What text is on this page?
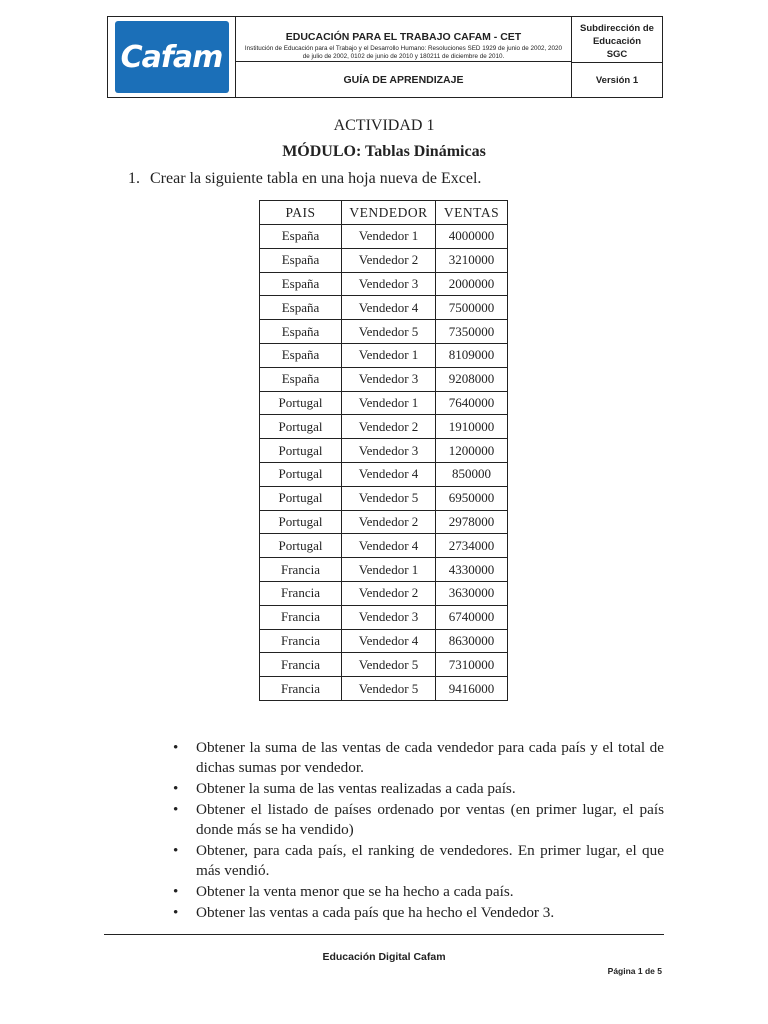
Cafam
EDUCACIÓN PARA EL TRABAJO CAFAM - CET
Institución de Educación para el Trabajo y el Desarrollo Humano: Resoluciones SED 1929 de junio de 2002, 2020 de julio de 2002, 0102 de junio de 2010 y 180211 de diciembre de 2010.
GUÍA DE APRENDIZAJE
Subdirección de
Educación
SGC
Versión 1
ACTIVIDAD 1
MÓDULO: Tablas Dinámicas
1. Crear la siguiente tabla en una hoja nueva de Excel.
PAIS	VENDEDOR	VENTAS
España	Vendedor 1	4000000
España	Vendedor 2	3210000
España	Vendedor 3	2000000
España	Vendedor 4	7500000
España	Vendedor 5	7350000
España	Vendedor 1	8109000
España	Vendedor 3	9208000
Portugal	Vendedor 1	7640000
Portugal	Vendedor 2	1910000
Portugal	Vendedor 3	1200000
Portugal	Vendedor 4	850000
Portugal	Vendedor 5	6950000
Portugal	Vendedor 2	2978000
Portugal	Vendedor 4	2734000
Francia	Vendedor 1	4330000
Francia	Vendedor 2	3630000
Francia	Vendedor 3	6740000
Francia	Vendedor 4	8630000
Francia	Vendedor 5	7310000
Francia	Vendedor 5	9416000
• Obtener la suma de las ventas de cada vendedor para cada país y el total de dichas sumas por vendedor.
• Obtener la suma de las ventas realizadas a cada país.
• Obtener el listado de países ordenado por ventas (en primer lugar, el país donde más se ha vendido)
• Obtener, para cada país, el ranking de vendedores. En primer lugar, el que más vendió.
• Obtener la venta menor que se ha hecho a cada país.
• Obtener las ventas a cada país que ha hecho el Vendedor 3.
Educación Digital Cafam
Página 1 de 5
